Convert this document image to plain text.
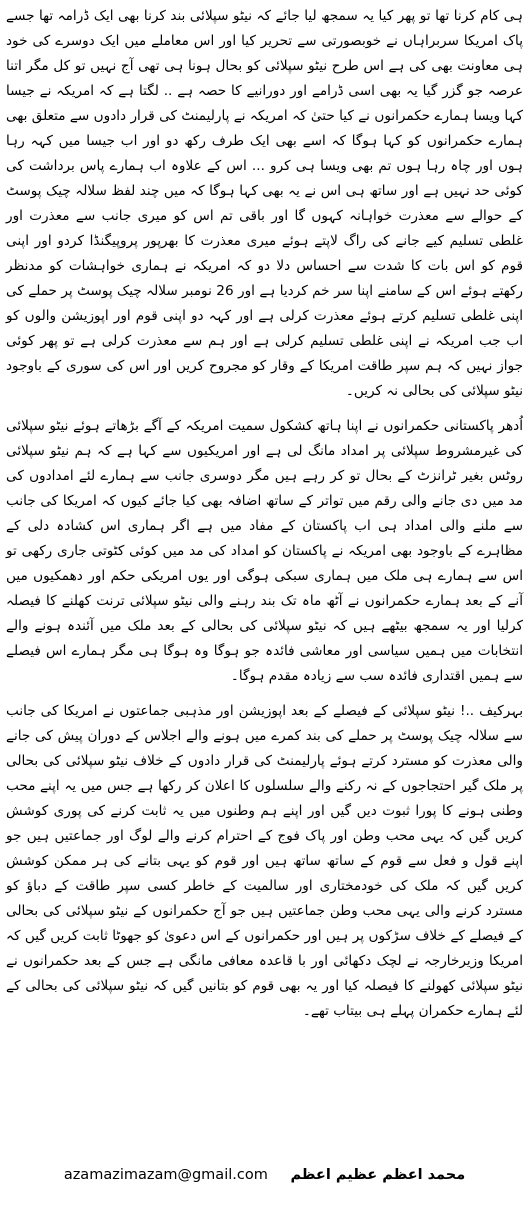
ہی کام کرنا تھا تو پھر کیا یہ سمجھ لیا جائے کہ نیٹو سپلائی بند کرنا بھی ایک ڈرامہ تھا جسے پاک امریکا سربراہاں نے خوبصورتی سے تحریر کیا اور اس معاملے میں ایک دوسرے کی خود ہی معاونت بھی کی ہے اس طرح نیٹو سپلائی کو بحال ہونا ہی تھی آج نہیں تو کل مگر اتنا عرصہ جو گزر گیا یہ بھی اسی ڈرامے اور دورانیے کا حصہ ہے .. لگتا ہے کہ امریکہ نے جیسا کہا ویسا ہمارے حکمرانوں نے کیا حتیٰ کہ امریکہ نے پارلیمنٹ کی قرار دادوں سے متعلق بھی ہمارے حکمرانوں کو کہا ہوگا کہ اسے بھی ایک طرف رکھ دو اور اب جیسا میں کہہ رہا ہوں اور چاہ رہا ہوں تم بھی ویسا ہی کرو ... اس کے علاوہ اب ہمارے پاس برداشت کی کوئی حد نہیں ہے اور ساتھ ہی اس نے یہ بھی کہا ہوگا کہ میں چند لفظ سلالہ چیک پوسٹ کے حوالے سے معذرت خواہانہ کہوں گا اور باقی تم اس کو میری جانب سے معذرت اور غلطی تسلیم کیے جانے کی راگ لاپتے ہوئے میری معذرت کا بھرپور پروپیگنڈا کردو اور اپنی قوم کو اس بات کا شدت سے احساس دلا دو کہ امریکہ نے ہماری خواہشات کو مدنظر رکھتے ہوئے اس کے سامنے اپنا سر خم کردیا ہے اور 26 نومبر سلالہ چیک پوسٹ پر حملے کی اپنی غلطی تسلیم کرتے ہوئے معذرت کرلی ہے اور کہہ دو اپنی قوم اور اپوزیشن والوں کو اب جب امریکہ نے اپنی غلطی تسلیم کرلی ہے اور ہم سے معذرت کرلی ہے تو پھر کوئی جواز نہیں کہ ہم سپر طاقت امریکا کے وقار کو مجروح کریں اور اس کی سوری کے باوجود نیٹو سپلائی کی بحالی نہ کریں۔

اُدھر پاکستانی حکمرانوں نے اپنا ہاتھ کشکول سمیت امریکہ کے آگے بڑھاتے ہوئے نیٹو سپلائی کی غیرمشروط سپلائی پر امداد مانگ لی ہے اور امریکیوں سے کہا ہے کہ ہم نیٹو سپلائی روٹس بغیر ٹرانزٹ کے بحال تو کر رہے ہیں مگر دوسری جانب سے ہمارے لئے امدادوں کی مد میں دی جانے والی رقم میں تواتر کے ساتھ اضافہ بھی کیا جائے کیوں کہ امریکا کی جانب سے ملنے والی امداد ہی اب پاکستان کے مفاد میں ہے اگر ہماری اس کشادہ دلی کے مظاہرے کے باوجود بھی امریکہ نے پاکستان کو امداد کی مد میں کوئی کٹوتی جاری رکھی تو اس سے ہمارے ہی ملک میں ہماری سبکی ہوگی اور یوں امریکی حکم اور دھمکیوں میں آنے کے بعد ہمارے حکمرانوں نے آٹھ ماہ تک بند رہنے والی نیٹو سپلائی ترنت کھلنے کا فیصلہ کرلیا اور یہ سمجھ بیٹھے ہیں کہ نیٹو سپلائی کی بحالی کے بعد ملک میں آئندہ ہونے والے انتخابات میں ہمیں سیاسی اور معاشی فائدہ جو ہوگا وہ ہوگا ہی مگر ہمارے اس فیصلے سے ہمیں اقتداری فائدہ سب سے زیادہ مقدم ہوگا۔

بہرکیف ..! نیٹو سپلائی کے فیصلے کے بعد اپوزیشن اور مذہبی جماعتوں نے امریکا کی جانب سے سلالہ چیک پوسٹ پر حملے کی بند کمرے میں ہونے والے اجلاس کے دوران پیش کی جانے والی معذرت کو مسترد کرتے ہوئے پارلیمنٹ کی قرار دادوں کے خلاف نیٹو سپلائی کی بحالی پر ملک گیر احتجاجوں کے نہ رکنے والے سلسلوں کا اعلان کر رکھا ہے جس میں یہ اپنے محب وطنی ہونے کا پورا ثبوت دیں گیں اور اپنے ہم وطنوں میں یہ ثابت کرنے کی پوری کوشش کریں گیں کہ یہی محب وطن اور پاک فوج کے احترام کرنے والے لوگ اور جماعتیں ہیں جو اپنے قول و فعل سے قوم کے ساتھ ساتھ ہیں اور قوم کو یہی بتانے کی ہر ممکن کوشش کریں گیں کہ ملک کی خودمختاری اور سالمیت کے خاطر کسی سپر طاقت کے دباؤ کو مسترد کرنے والی یہی محب وطن جماعتیں ہیں جو آج حکمرانوں کے نیٹو سپلائی کی بحالی کے فیصلے کے خلاف سڑکوں پر ہیں اور حکمرانوں کے اس دعویٰ کو جھوٹا ثابت کریں گیں کہ امریکا وزیرخارجہ نے لچک دکھائی اور با قاعدہ معافی مانگی ہے جس کے بعد حکمرانوں نے نیٹو سپلائی کھولنے کا فیصلہ کیا اور یہ بھی قوم کو بتانیں گیں کہ نیٹو سپلائی کی بحالی کے لئے ہمارے حکمران پہلے ہی بیتاب تھے۔

azamazimazam@gmail.com محمد اعظم عظیم اعظم
